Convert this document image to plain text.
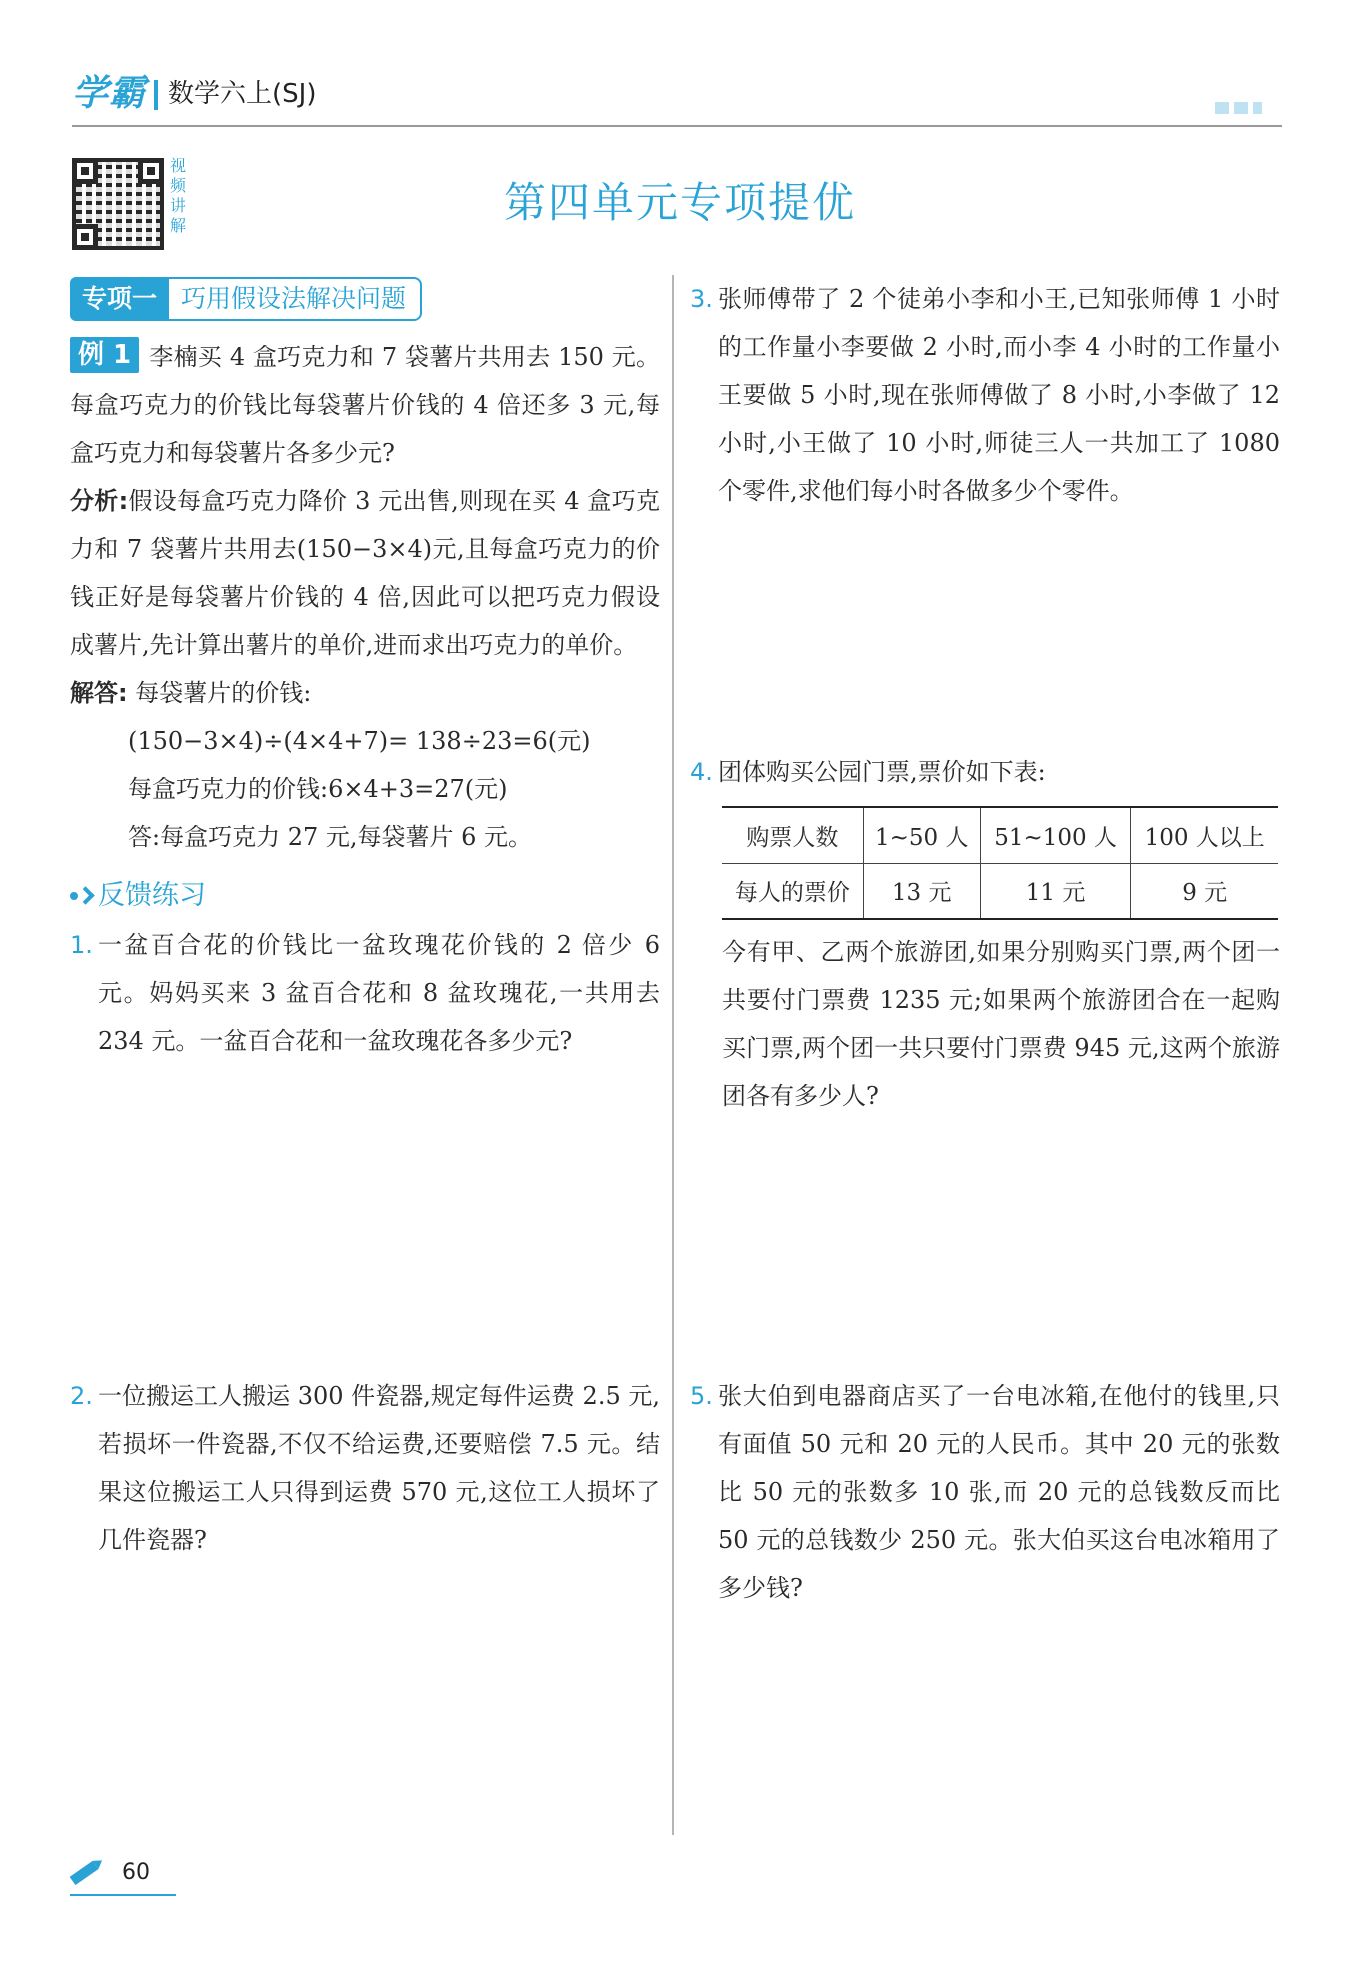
学霸 数学六上(SJ)
视频讲解	第四单元专项提优
专项一 巧用假设法解决问题
例 1 李楠买 4 盒巧克力和 7 袋薯片共用去 150 元。每盒巧克力的价钱比每袋薯片价钱的 4 倍还多 3 元,每盒巧克力和每袋薯片各多少元?
分析:假设每盒巧克力降价 3 元出售,则现在买 4 盒巧克力和 7 袋薯片共用去(150−3×4)元,且每盒巧克力的价钱正好是每袋薯片价钱的 4 倍,因此可以把巧克力假设成薯片,先计算出薯片的单价,进而求出巧克力的单价。
解答: 每袋薯片的价钱:
(150−3×4)÷(4×4+7)= 138÷23=6(元)
每盒巧克力的价钱:6×4+3=27(元)
答:每盒巧克力 27 元,每袋薯片 6 元。
反馈练习
1. 一盆百合花的价钱比一盆玫瑰花价钱的 2 倍少 6 元。妈妈买来 3 盆百合花和 8 盆玫瑰花,一共用去 234 元。一盆百合花和一盆玫瑰花各多少元?
2. 一位搬运工人搬运 300 件瓷器,规定每件运费 2.5 元,若损坏一件瓷器,不仅不给运费,还要赔偿 7.5 元。结果这位搬运工人只得到运费 570 元,这位工人损坏了几件瓷器?
3. 张师傅带了 2 个徒弟小李和小王,已知张师傅 1 小时的工作量小李要做 2 小时,而小李 4 小时的工作量小王要做 5 小时,现在张师傅做了 8 小时,小李做了 12 小时,小王做了 10 小时,师徒三人一共加工了 1080 个零件,求他们每小时各做多少个零件。
4. 团体购买公园门票,票价如下表:
购票人数	1~50 人	51~100 人	100 人以上
每人的票价	13 元	11 元	9 元
今有甲、乙两个旅游团,如果分别购买门票,两个团一共要付门票费 1235 元;如果两个旅游团合在一起购买门票,两个团一共只要付门票费 945 元,这两个旅游团各有多少人?
5. 张大伯到电器商店买了一台电冰箱,在他付的钱里,只有面值 50 元和 20 元的人民币。其中 20 元的张数比 50 元的张数多 10 张,而 20 元的总钱数反而比 50 元的总钱数少 250 元。张大伯买这台电冰箱用了多少钱?
60
